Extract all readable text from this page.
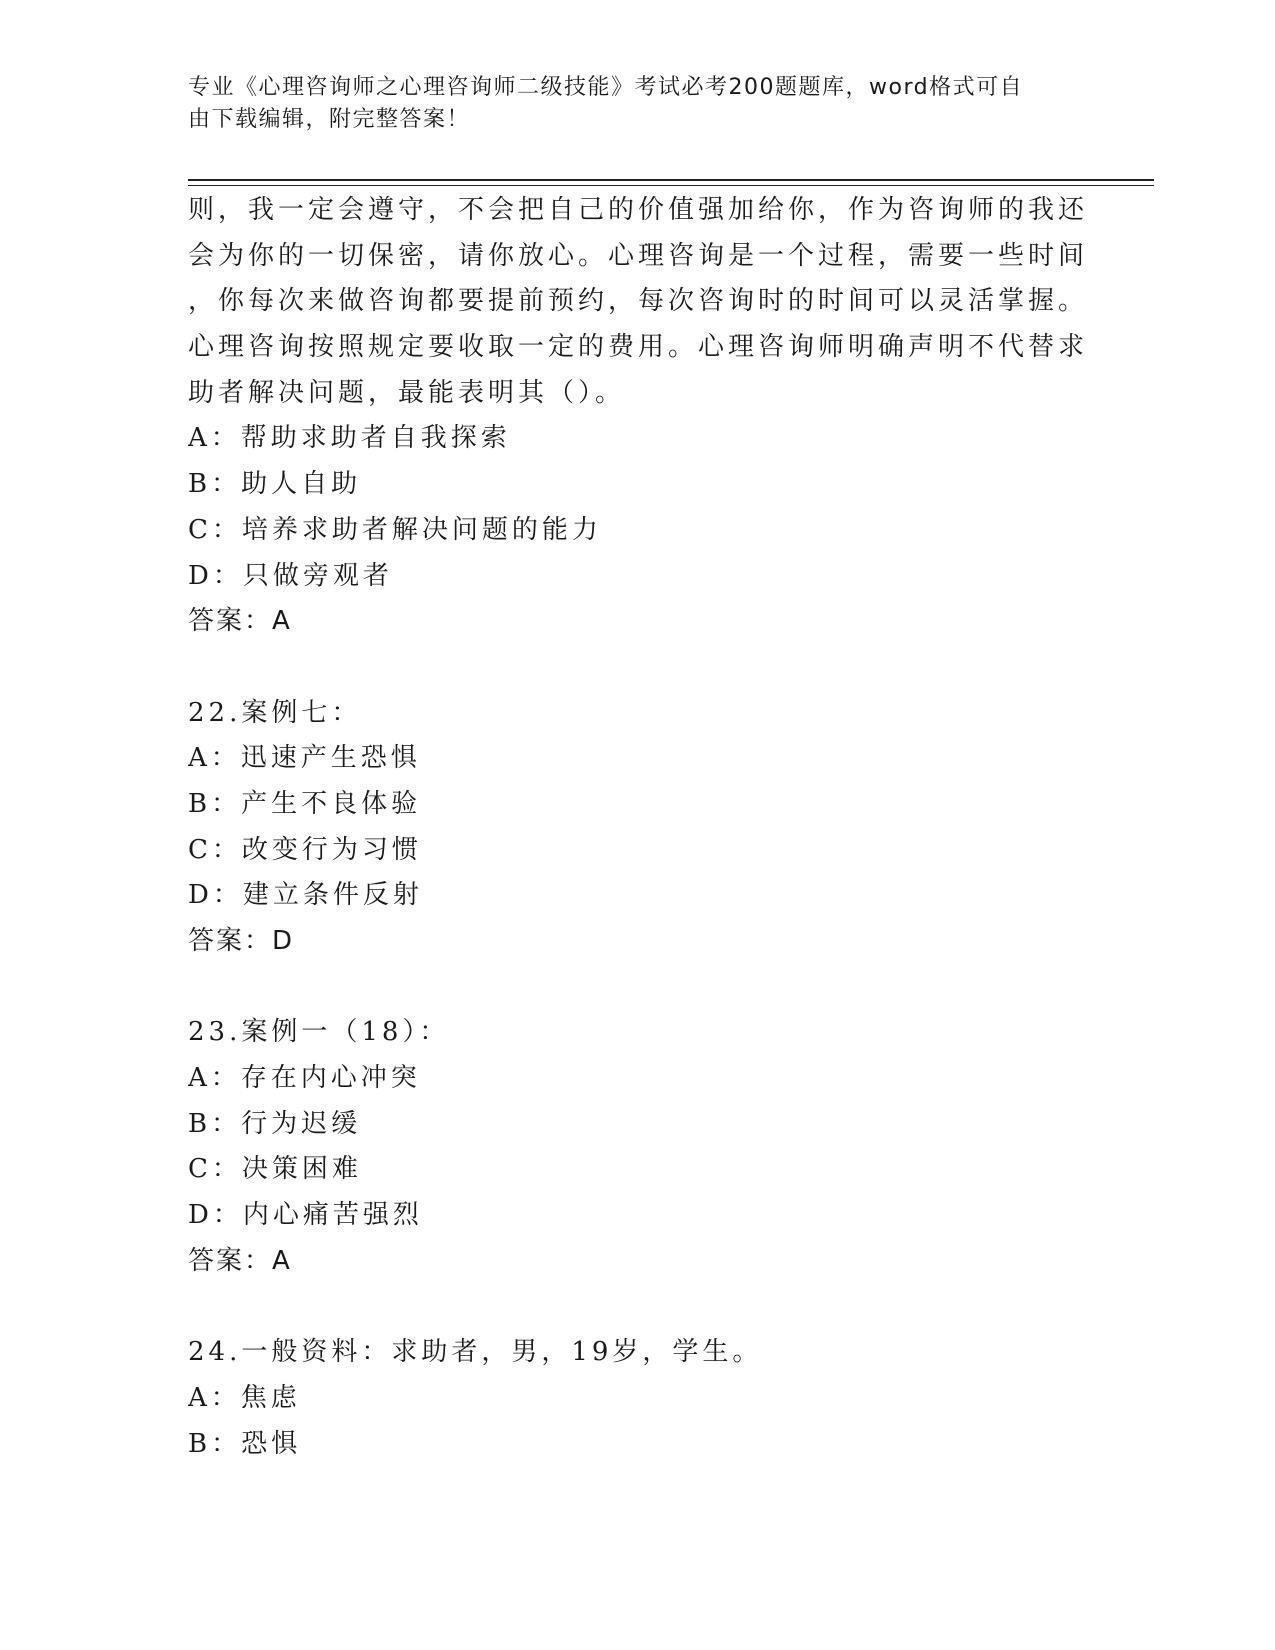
专业《心理咨询师之心理咨询师二级技能》考试必考200题题库，word格式可自
由下载编辑，附完整答案！
则，我一定会遵守，不会把自己的价值强加给你，作为咨询师的我还
会为你的一切保密，请你放心。心理咨询是一个过程，需要一些时间
，你每次来做咨询都要提前预约，每次咨询时的时间可以灵活掌握。
心理咨询按照规定要收取一定的费用。心理咨询师明确声明不代替求
助者解决问题，最能表明其（）。
A：帮助求助者自我探索
B：助人自助
C：培养求助者解决问题的能力
D：只做旁观者
答案：A
22.案例七：
A：迅速产生恐惧
B：产生不良体验
C：改变行为习惯
D：建立条件反射
答案：D
23.案例一（18）：
A：存在内心冲突
B：行为迟缓
C：决策困难
D：内心痛苦强烈
答案：A
24.一般资料：求助者，男，19岁，学生。
A：焦虑
B：恐惧
